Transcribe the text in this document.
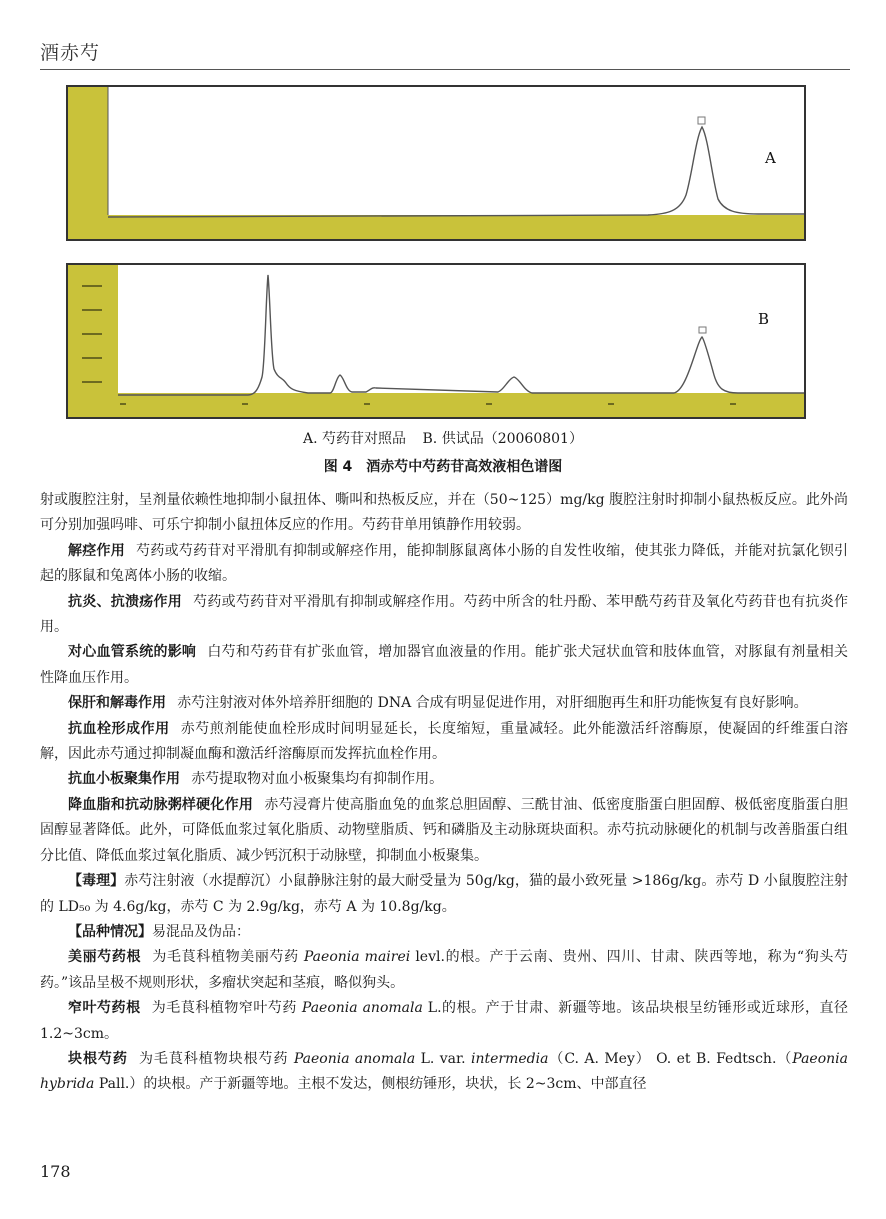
酒赤芍
A
B
A. 芍药苷对照品 B. 供试品（20060801）
图 4　酒赤芍中芍药苷高效液相色谱图

射或腹腔注射，呈剂量依赖性地抑制小鼠扭体、嘶叫和热板反应，并在（50~125）mg/kg 腹腔注射时抑制小鼠热板反应。此外尚可分别加强吗啡、可乐宁抑制小鼠扭体反应的作用。芍药苷单用镇静作用较弱。

解痉作用 芍药或芍药苷对平滑肌有抑制或解痉作用，能抑制豚鼠离体小肠的自发性收缩，使其张力降低，并能对抗氯化钡引起的豚鼠和兔离体小肠的收缩。

抗炎、抗溃疡作用 芍药或芍药苷对平滑肌有抑制或解痉作用。芍药中所含的牡丹酚、苯甲酰芍药苷及氧化芍药苷也有抗炎作用。

对心血管系统的影响 白芍和芍药苷有扩张血管，增加器官血液量的作用。能扩张犬冠状血管和肢体血管，对豚鼠有剂量相关性降血压作用。

保肝和解毒作用 赤芍注射液对体外培养肝细胞的 DNA 合成有明显促进作用，对肝细胞再生和肝功能恢复有良好影响。

抗血栓形成作用 赤芍煎剂能使血栓形成时间明显延长，长度缩短，重量减轻。此外能激活纤溶酶原，使凝固的纤维蛋白溶解，因此赤芍通过抑制凝血酶和激活纤溶酶原而发挥抗血栓作用。

抗血小板聚集作用 赤芍提取物对血小板聚集均有抑制作用。

降血脂和抗动脉粥样硬化作用 赤芍浸膏片使高脂血兔的血浆总胆固醇、三酰甘油、低密度脂蛋白胆固醇、极低密度脂蛋白胆固醇显著降低。此外，可降低血浆过氧化脂质、动物壁脂质、钙和磷脂及主动脉斑块面积。赤芍抗动脉硬化的机制与改善脂蛋白组分比值、降低血浆过氧化脂质、减少钙沉积于动脉壁，抑制血小板聚集。

【毒理】赤芍注射液（水提醇沉）小鼠静脉注射的最大耐受量为 50g/kg，猫的最小致死量 >186g/kg。赤芍 D 小鼠腹腔注射的 LD₅₀ 为 4.6g/kg，赤芍 C 为 2.9g/kg，赤芍 A 为 10.8g/kg。

【品种情况】易混品及伪品：

美丽芍药根 为毛茛科植物美丽芍药 Paeonia mairei levl.的根。产于云南、贵州、四川、甘肃、陕西等地，称为“狗头芍药。”该品呈极不规则形状，多瘤状突起和茎痕，略似狗头。

窄叶芍药根 为毛茛科植物窄叶芍药 Paeonia anomala L.的根。产于甘肃、新疆等地。该品块根呈纺锤形或近球形，直径 1.2~3cm。

块根芍药 为毛茛科植物块根芍药 Paeonia anomala L. var. intermedia（C. A. Mey） O. et B. Fedtsch.（Paeonia hybrida Pall.）的块根。产于新疆等地。主根不发达，侧根纺锤形，块状，长 2~3cm、中部直径

178
